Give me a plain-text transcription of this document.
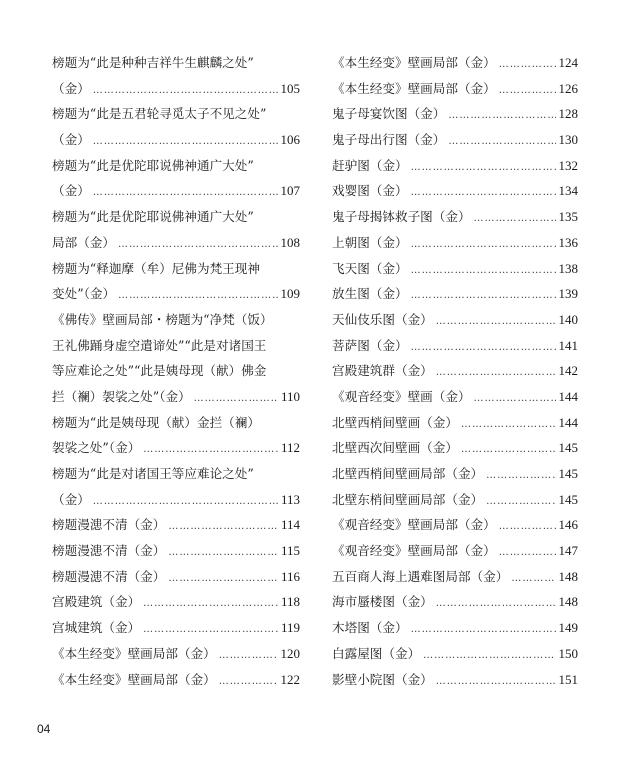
榜题为“此是种种吉祥牛生麒麟之处”
（金） ………………………………………………………………………………	105
榜题为“此是五君轮寻觅太子不见之处”
（金） ………………………………………………………………………………	106
榜题为“此是优陀耶说佛神通广大处”
（金） ………………………………………………………………………………	107
榜题为“此是优陀耶说佛神通广大处”
局部（金） ………………………………………………………………………………	108
榜题为“释迦摩（牟）尼佛为梵王现神
变处”（金） ………………………………………………………………………………	109
《佛传》壁画局部・榜题为“净梵（饭）
王礼佛踊身虚空遣谛处”“此是对诸国王
等应难论之处”“此是姨母现（献）佛金
拦（襕）袈裟之处”（金） ………………………………………………………………………………	110
榜题为“此是姨母现（献）金拦（襕）
袈裟之处”（金） ………………………………………………………………………………	112
榜题为“此是对诸国王等应难论之处”
（金） ………………………………………………………………………………	113
榜题漫漶不清（金） ………………………………………………………………………………	114
榜题漫漶不清（金） ………………………………………………………………………………	115
榜题漫漶不清（金） ………………………………………………………………………………	116
宫殿建筑（金） ………………………………………………………………………………	118
宫城建筑（金） ………………………………………………………………………………	119
《本生经变》壁画局部（金） ………………………………………………………………………………	120
《本生经变》壁画局部（金） ………………………………………………………………………………	122
《本生经变》壁画局部（金） ………………………………………………………………………………	124
《本生经变》壁画局部（金） ………………………………………………………………………………	126
鬼子母宴饮图（金） ………………………………………………………………………………	128
鬼子母出行图（金） ………………………………………………………………………………	130
赶驴图（金） ………………………………………………………………………………	132
戏婴图（金） ………………………………………………………………………………	134
鬼子母揭钵救子图（金） ………………………………………………………………………………	135
上朝图（金） ………………………………………………………………………………	136
飞天图（金） ………………………………………………………………………………	138
放生图（金） ………………………………………………………………………………	139
天仙伎乐图（金） ………………………………………………………………………………	140
菩萨图（金） ………………………………………………………………………………	141
宫殿建筑群（金） ………………………………………………………………………………	142
《观音经变》壁画（金） ………………………………………………………………………………	144
北壁西梢间壁画（金） ………………………………………………………………………………	144
北壁西次间壁画（金） ………………………………………………………………………………	145
北壁西梢间壁画局部（金） ………………………………………………………………………………	145
北壁东梢间壁画局部（金） ………………………………………………………………………………	145
《观音经变》壁画局部（金） ………………………………………………………………………………	146
《观音经变》壁画局部（金） ………………………………………………………………………………	147
五百商人海上遇难图局部（金） ………………………………………………………………………………	148
海市蜃楼图（金） ………………………………………………………………………………	148
木塔图（金） ………………………………………………………………………………	149
白露屋图（金） ………………………………………………………………………………	150
影壁小院图（金） ………………………………………………………………………………	151
04
